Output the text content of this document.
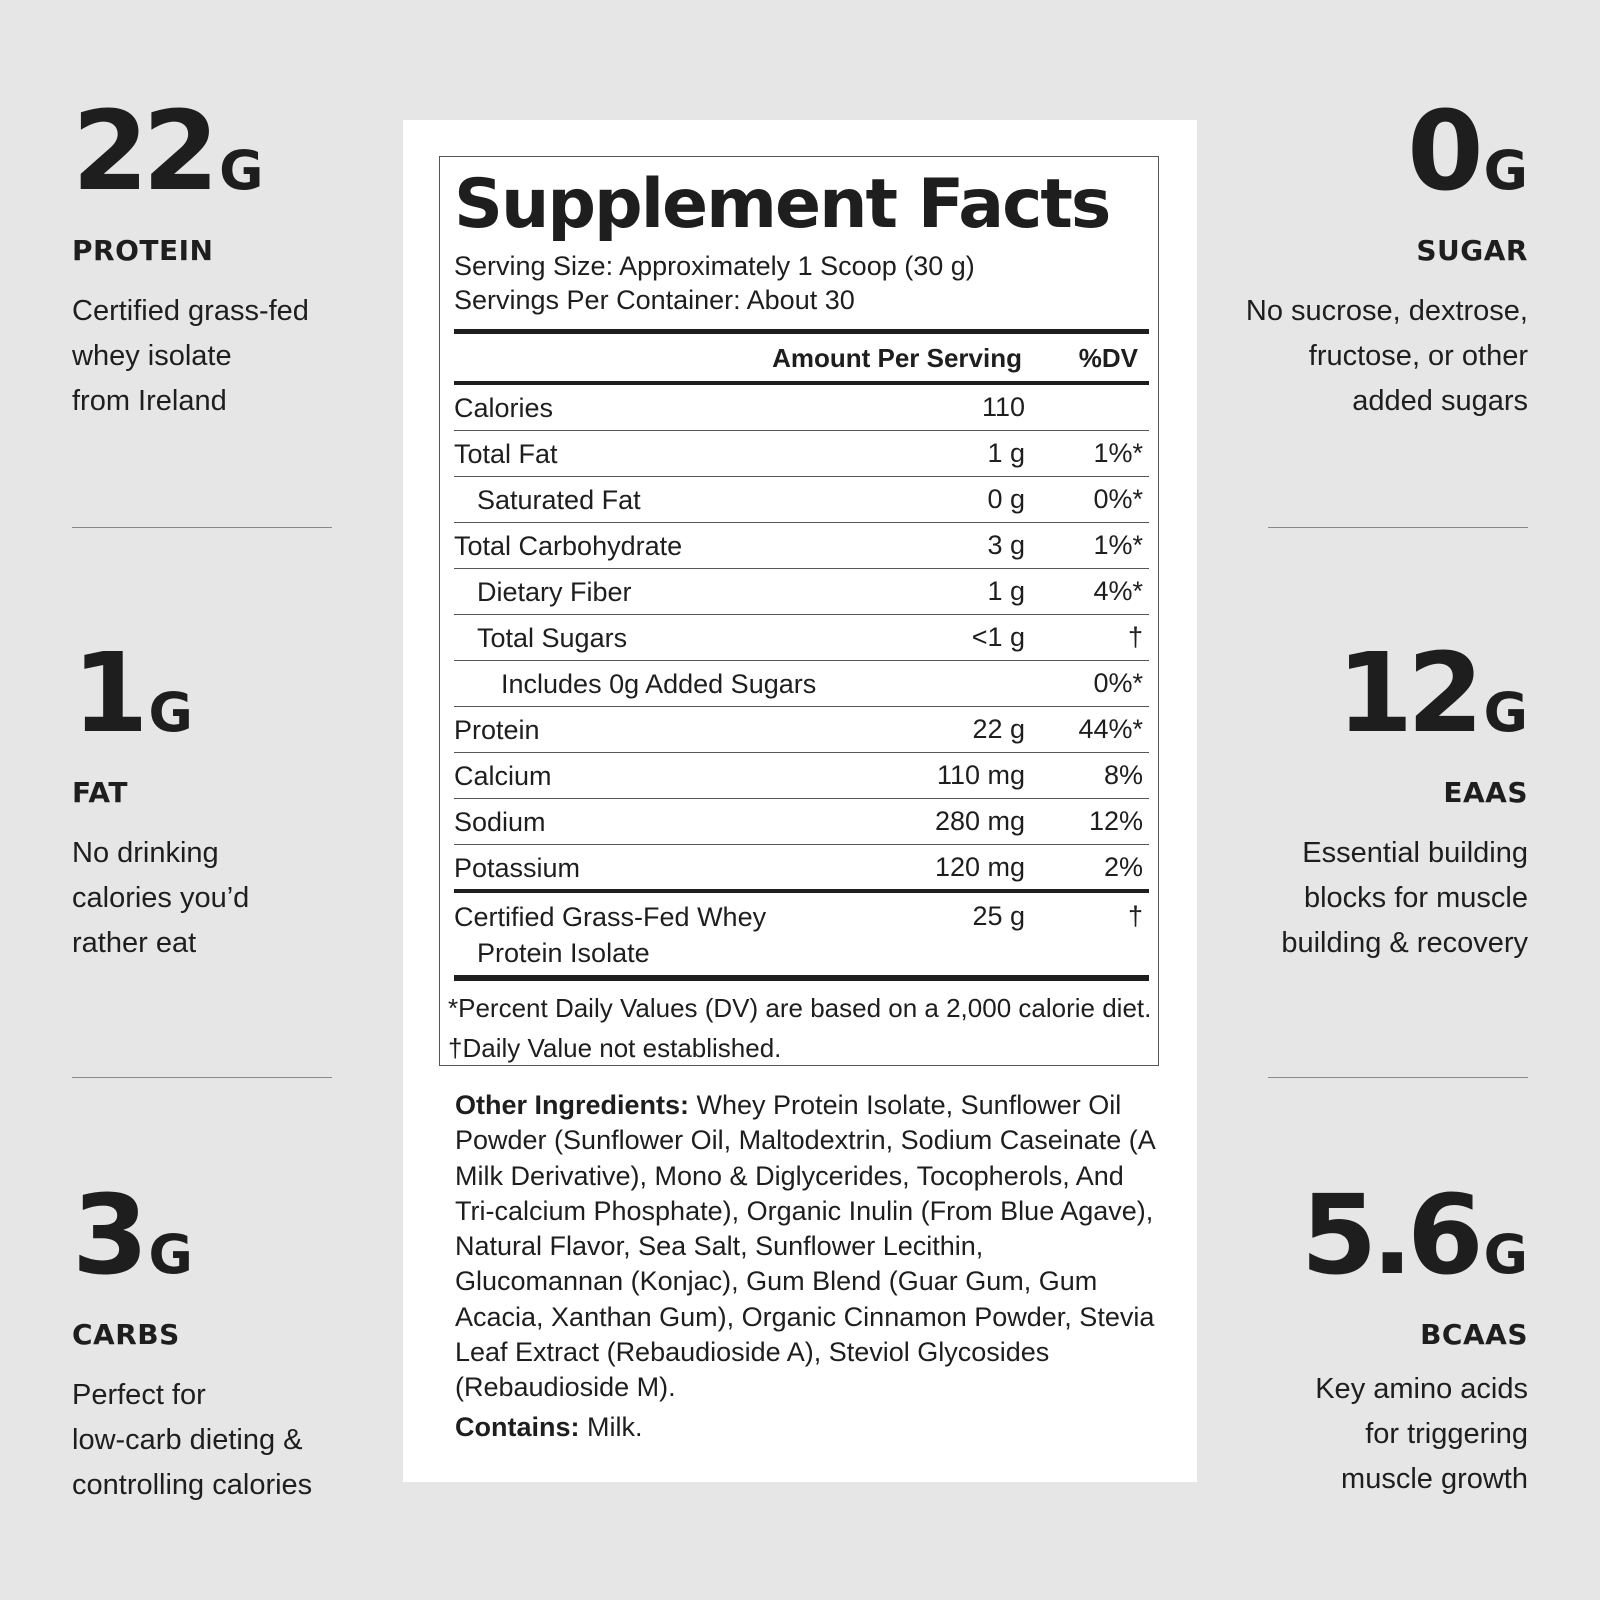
22 G
PROTEIN
Certified grass-fed
whey isolate
from Ireland
1 G
FAT
No drinking
calories you’d
rather eat
3 G
CARBS
Perfect for
low-carb dieting &
controlling calories
0 G
SUGAR
No sucrose, dextrose,
fructose, or other
added sugars
12 G
EAAS
Essential building
blocks for muscle
building & recovery
5.6 G
BCAAS
Key amino acids
for triggering
muscle growth
Supplement Facts
Serving Size: Approximately 1 Scoop (30 g)
Servings Per Container: About 30
Amount Per Serving %DV
Calories	110
Total Fat	1 g	1%*
Saturated Fat	0 g	0%*
Total Carbohydrate	3 g	1%*
Dietary Fiber	1 g	4%*
Total Sugars	<1 g	†
Includes 0g Added Sugars	0%*
Protein	22 g 44%*
Calcium	110 mg	8%
Sodium	280 mg 12%
Potassium	120 mg	2%
Certified Grass-Fed Whey
Protein Isolate
25 g	†
*Percent Daily Values (DV) are based on a 2,000 calorie diet.
†Daily Value not established.
Other Ingredients: Whey Protein Isolate, Sunflower Oil Powder (Sunflower Oil, Maltodextrin, Sodium Caseinate (A Milk Derivative), Mono & Diglycerides, Tocopherols, And Tri-calcium Phosphate), Organic Inulin (From Blue Agave), Natural Flavor, Sea Salt, Sunflower Lecithin, Glucomannan (Konjac), Gum Blend (Guar Gum, Gum Acacia, Xanthan Gum), Organic Cinnamon Powder, Stevia Leaf Extract (Rebaudioside A), Steviol Glycosides (Rebaudioside M).
Contains: Milk.
